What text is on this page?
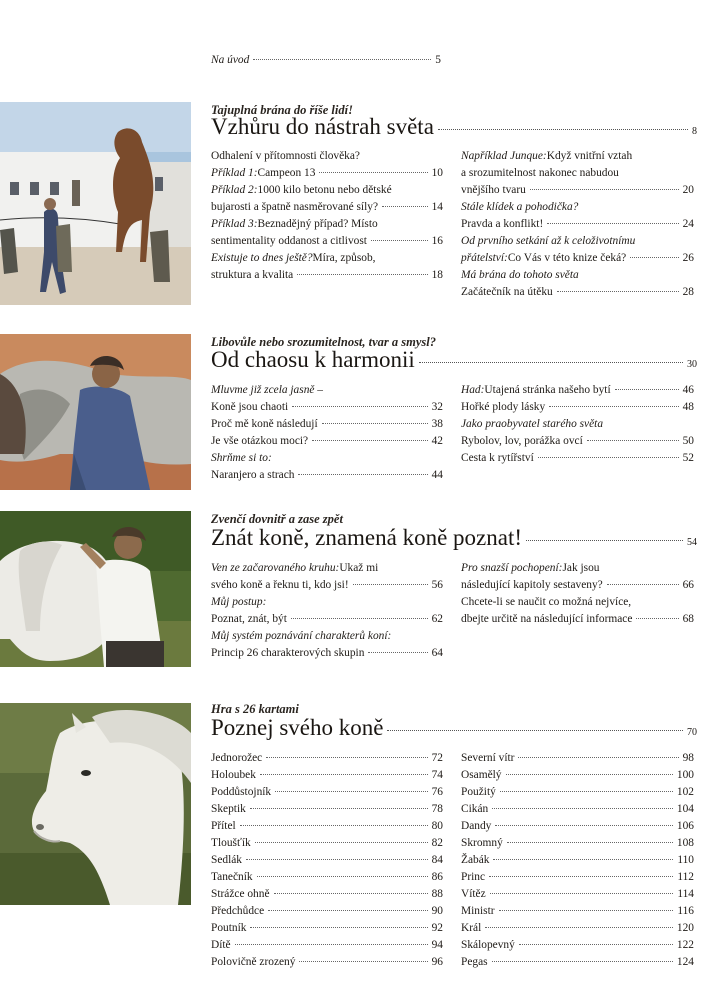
Na úvod	5
Tajuplná brána do říše lidí!
Vzhůru do nástrah světa	8
Odhalení v přítomnosti člověka?
Příklad 1: Campeon 13	10
Příklad 2: 1000 kilo betonu nebo dětské
bujarosti a špatně nasměrované síly?	14
Příklad 3: Beznadějný případ? Místo
sentimentality oddanost a citlivost	16
Existuje to dnes ještě? Míra, způsob,
struktura a kvalita	18
Například Junque: Když vnitřní vztah
a srozumitelnost nakonec nabudou
vnějšího tvaru	20
Stále klídek a pohodička?
Pravda a konflikt!	24
Od prvního setkání až k celoživotnímu
přátelství: Co Vás v této knize čeká?	26
Má brána do tohoto světa
Začátečník na útěku	28
Libovůle nebo srozumitelnost, tvar a smysl?
Od chaosu k harmonii	30
Mluvme již zcela jasně –
Koně jsou chaoti	32
Proč mě koně následují	38
Je vše otázkou moci?	42
Shrňme si to:
Naranjero a strach	44
Had: Utajená stránka našeho bytí	46
Hořké plody lásky	48
Jako praobyvatel starého světa
Rybolov, lov, porážka ovcí	50
Cesta k rytířství	52
Zvenčí dovnitř a zase zpět
Znát koně, znamená koně poznat!	54
Ven ze začarovaného kruhu: Ukaž mi
svého koně a řeknu ti, kdo jsi!	56
Můj postup:
Poznat, znát, být	62
Můj systém poznávání charakterů koní:
Princip 26 charakterových skupin	64
Pro snazší pochopení: Jak jsou
následující kapitoly sestaveny?	66
Chcete-li se naučit co možná nejvíce,
dbejte určitě na následující informace	68
Hra s 26 kartami
Poznej svého koně	70
Jednorožec	72
Holoubek	74
Poddůstojník	76
Skeptik	78
Přítel	80
Tloušťík	82
Sedlák	84
Tanečník	86
Strážce ohně	88
Předchůdce	90
Poutník	92
Dítě	94
Polovičně zrozený	96
Severní vítr	98
Osamělý	100
Použitý	102
Cikán	104
Dandy	106
Skromný	108
Žabák	110
Princ	112
Vítěz	114
Ministr	116
Král	120
Skálopevný	122
Pegas	124
